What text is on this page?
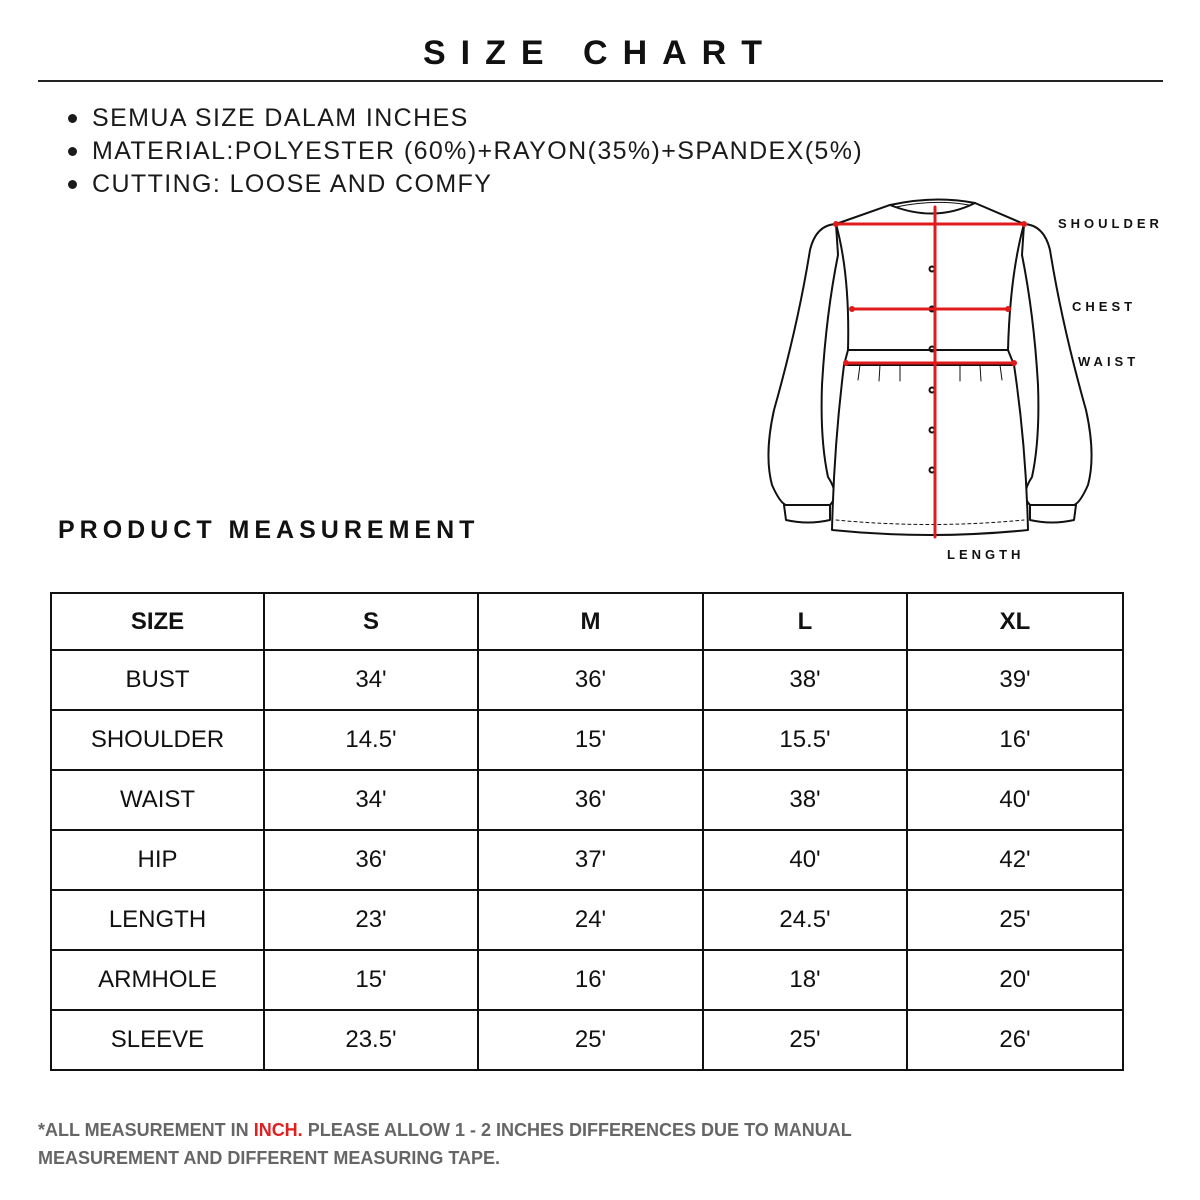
SIZE CHART
SEMUA SIZE DALAM INCHES
MATERIAL:POLYESTER (60%)+RAYON(35%)+SPANDEX(5%)
CUTTING: LOOSE AND COMFY
SHOULDER
CHEST
WAIST
LENGTH
PRODUCT MEASUREMENT
SIZE	S	M	L	XL
BUST	34'	36'	38'	39'
SHOULDER	14.5'	15'	15.5'	16'
WAIST	34'	36'	38'	40'
HIP	36'	37'	40'	42'
LENGTH	23'	24'	24.5'	25'
ARMHOLE	15'	16'	18'	20'
SLEEVE	23.5'	25'	25'	26'

*ALL MEASUREMENT IN INCH. PLEASE ALLOW 1 - 2 INCHES DIFFERENCES DUE TO MANUAL MEASUREMENT AND DIFFERENT MEASURING TAPE.
